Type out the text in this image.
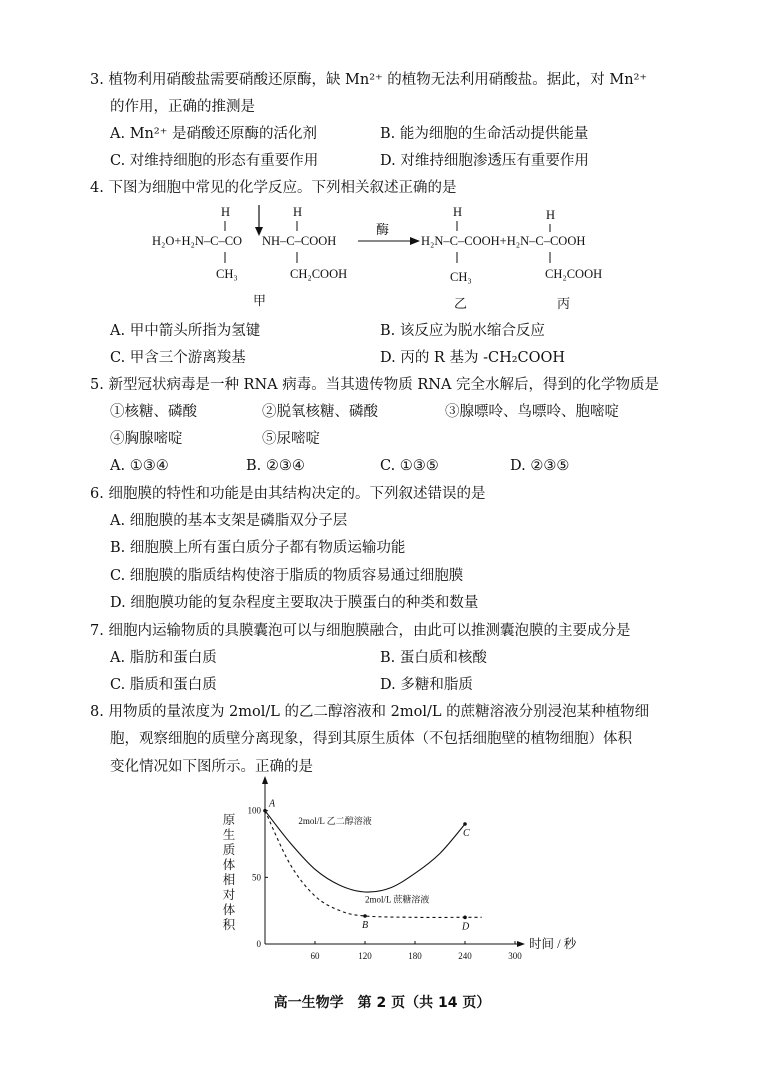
3. 植物利用硝酸盐需要硝酸还原酶，缺 Mn²⁺ 的植物无法利用硝酸盐。据此，对 Mn²⁺
的作用，正确的推测是
A. Mn²⁺ 是硝酸还原酶的活化剂	B. 能为细胞的生命活动提供能量
C. 对维持细胞的形态有重要作用	D. 对维持细胞渗透压有重要作用
4. 下图为细胞中常见的化学反应。下列相关叙述正确的是
H
H₂O+H₂N–C–CO
CH₃
H
NH–C–COOH
CH₂COOH
酶
H
H₂N–C–COOH+H₂N–C–COOH
CH₃
H
CH₂COOH
甲	乙	丙
A. 甲中箭头所指为氢键	B. 该反应为脱水缩合反应
C. 甲含三个游离羧基	D. 丙的 R 基为 -CH₂COOH
5. 新型冠状病毒是一种 RNA 病毒。当其遗传物质 RNA 完全水解后，得到的化学物质是
①核糖、磷酸	②脱氧核糖、磷酸	③腺嘌呤、鸟嘌呤、胞嘧啶
④胸腺嘧啶	⑤尿嘧啶
A. ①③④	B. ②③④	C. ①③⑤	D. ②③⑤
6. 细胞膜的特性和功能是由其结构决定的。下列叙述错误的是
A. 细胞膜的基本支架是磷脂双分子层
B. 细胞膜上所有蛋白质分子都有物质运输功能
C. 细胞膜的脂质结构使溶于脂质的物质容易通过细胞膜
D. 细胞膜功能的复杂程度主要取决于膜蛋白的种类和数量
7. 细胞内运输物质的具膜囊泡可以与细胞膜融合，由此可以推测囊泡膜的主要成分是
A. 脂肪和蛋白质	B. 蛋白质和核酸
C. 脂质和蛋白质	D. 多糖和脂质
8. 用物质的量浓度为 2mol/L 的乙二醇溶液和 2mol/L 的蔗糖溶液分别浸泡某种植物细
胞，观察细胞的质壁分离现象，得到其原生质体（不包括细胞壁的植物细胞）体积
变化情况如下图所示。正确的是
60	120	180	240	300
0
50
100
原
生
质
体
相
对
体
积
时间 / 秒
2mol/L 乙二醇溶液
2mol/L 蔗糖溶液
A
B
C
D
高一生物学　第 2 页（共 14 页）
